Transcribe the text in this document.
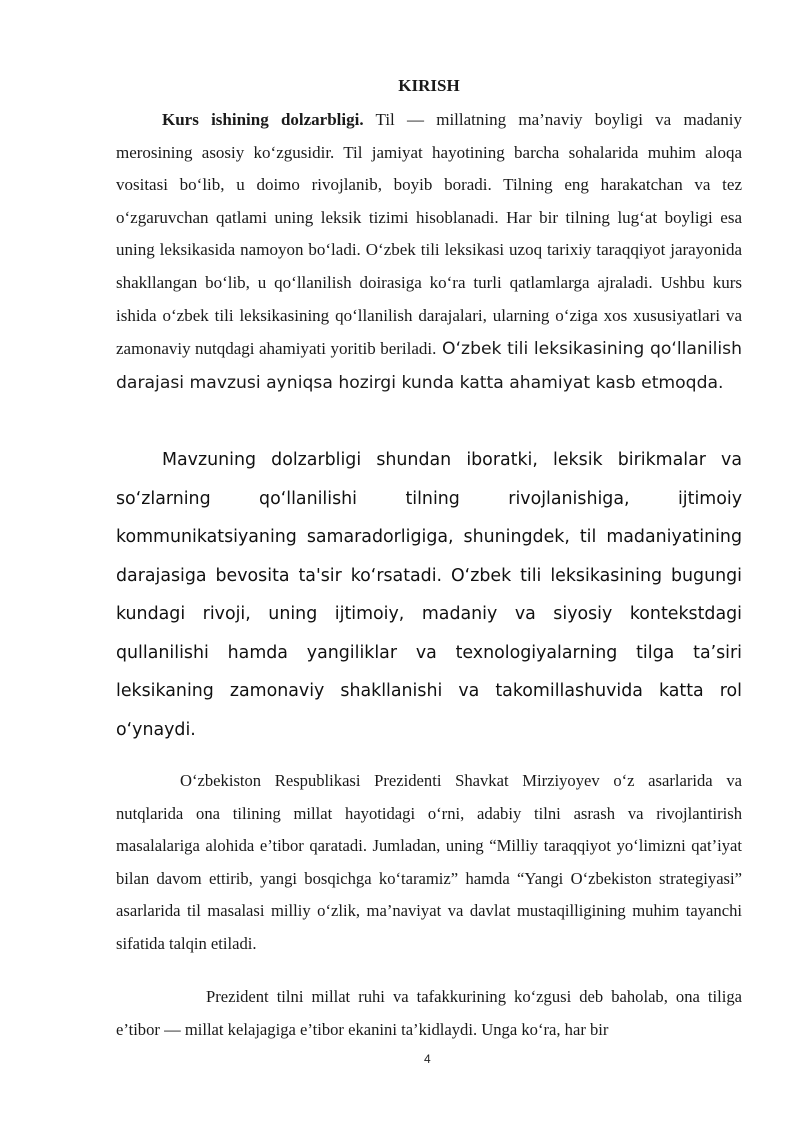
KIRISH

Kurs ishining dolzarbligi. Til — millatning ma’naviy boyligi va madaniy merosining asosiy ko‘zgusidir. Til jamiyat hayotining barcha sohalarida muhim aloqa vositasi bo‘lib, u doimo rivojlanib, boyib boradi. Tilning eng harakatchan va tez o‘zgaruvchan qatlami uning leksik tizimi hisoblanadi. Har bir tilning lug‘at boyligi esa uning leksikasida namoyon bo‘ladi. O‘zbek tili leksikasi uzoq tarixiy taraqqiyot jarayonida shakllangan bo‘lib, u qo‘llanilish doirasiga ko‘ra turli qatlamlarga ajraladi. Ushbu kurs ishida o‘zbek tili leksikasining qo‘llanilish darajalari, ularning o‘ziga xos xususiyatlari va zamonaviy nutqdagi ahamiyati yoritib beriladi. O‘zbek tili leksikasining qo‘llanilish darajasi mavzusi ayniqsa hozirgi kunda katta ahamiyat kasb etmoqda.

Mavzuning dolzarbligi shundan iboratki, leksik birikmalar va so‘zlarning qo‘llanilishi tilning rivojlanishiga, ijtimoiy kommunikatsiyaning samaradorligiga, shuningdek, til madaniyatining darajasiga bevosita ta'sir ko‘rsatadi. O‘zbek tili leksikasining bugungi kundagi rivoji, uning ijtimoiy, madaniy va siyosiy kontekstdagi qullanilishi hamda yangiliklar va texnologiyalarning tilga ta’siri leksikaning zamonaviy shakllanishi va takomillashuvida katta rol o‘ynaydi.

O‘zbekiston Respublikasi Prezidenti Shavkat Mirziyoyev o‘z asarlarida va nutqlarida ona tilining millat hayotidagi o‘rni, adabiy tilni asrash va rivojlantirish masalalariga alohida e’tibor qaratadi. Jumladan, uning “Milliy taraqqiyot yo‘limizni qat’iyat bilan davom ettirib, yangi bosqichga ko‘taramiz” hamda “Yangi O‘zbekiston strategiyasi” asarlarida til masalasi milliy o‘zlik, ma’naviyat va davlat mustaqilligining muhim tayanchi sifatida talqin etiladi.

Prezident tilni millat ruhi va tafakkurining ko‘zgusi deb baholab, ona tiliga e’tibor — millat kelajagiga e’tibor ekanini ta’kidlaydi. Unga ko‘ra, har bir

4
